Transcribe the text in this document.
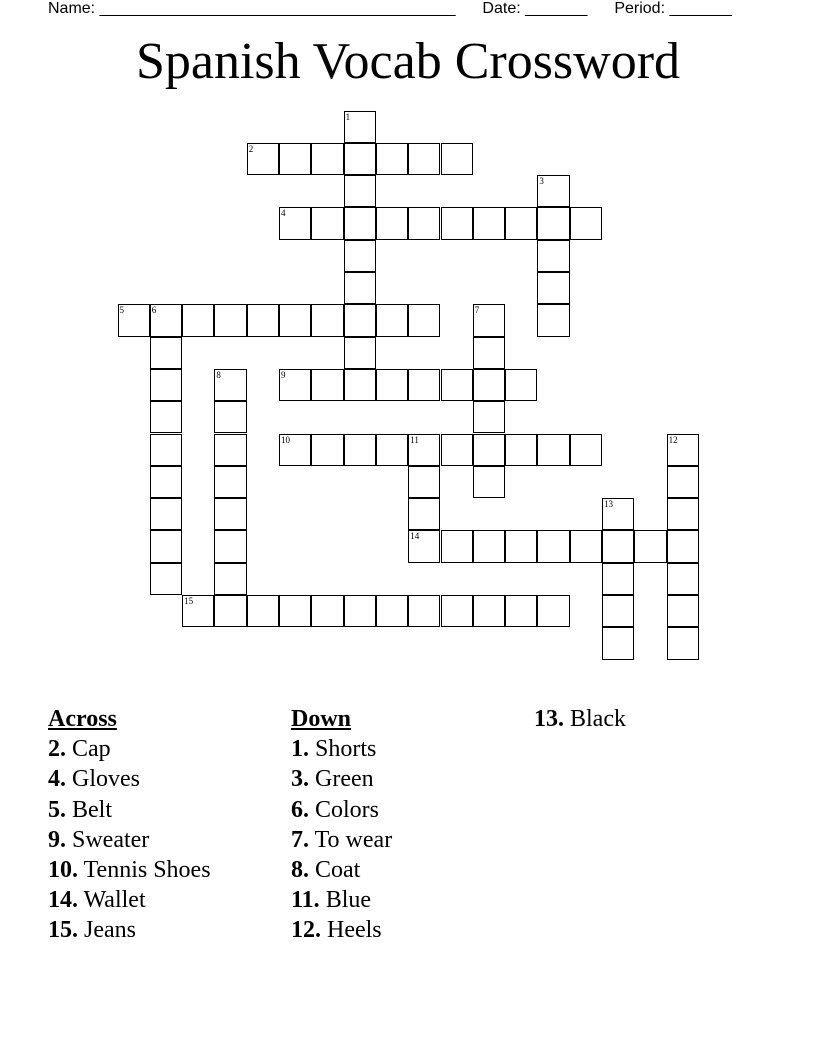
Name: ________________________________________ Date: _______ Period: _______
Spanish Vocab Crossword
1
2
3
4
5	6	7
8	9
10	11
14
12
13
15
Across
2. Cap
4. Gloves
5. Belt
9. Sweater
10. Tennis Shoes
14. Wallet
15. Jeans
Down
1. Shorts
3. Green
6. Colors
7. To wear
8. Coat
11. Blue
12. Heels
13. Black
